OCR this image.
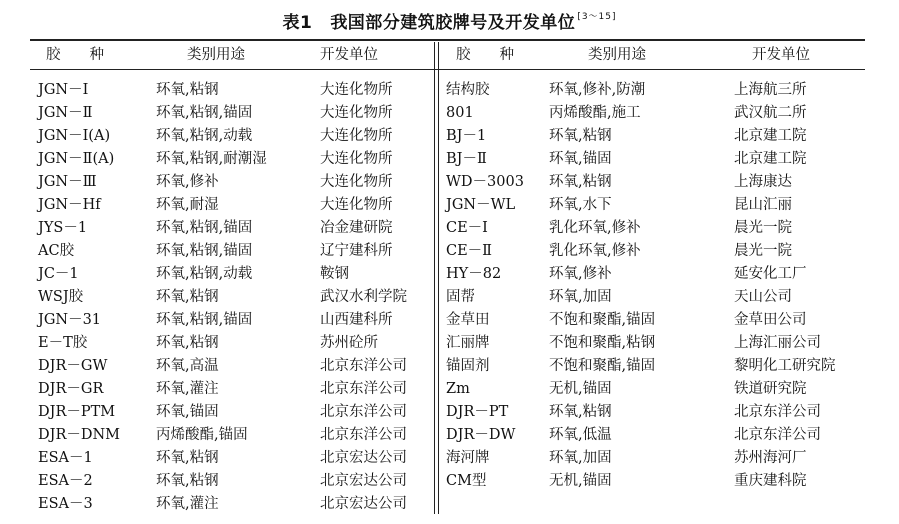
表1 我国部分建筑胶牌号及开发单位 [3～15]
胶　　种	类别用途	开发单位	胶　　种	类别用途	开发单位
JGN－Ⅰ	环氧,粘钢	大连化物所
JGN－Ⅱ	环氧,粘钢,锚固	大连化物所
JGN－Ⅰ(A)	环氧,粘钢,动载	大连化物所
JGN－Ⅱ(A)	环氧,粘钢,耐潮湿	大连化物所
JGN－Ⅲ	环氧,修补	大连化物所
JGN－Hf	环氧,耐湿	大连化物所
JYS－1	环氧,粘钢,锚固	冶金建研院
AC胶	环氧,粘钢,锚固	辽宁建科所
JC－1	环氧,粘钢,动载	鞍钢
WSJ胶	环氧,粘钢	武汉水利学院
JGN－31	环氧,粘钢,锚固	山西建科所
E－T胶	环氧,粘钢	苏州砼所
DJR－GW	环氧,高温	北京东洋公司
DJR－GR	环氧,灌注	北京东洋公司
DJR－PTM	环氧,锚固	北京东洋公司
DJR－DNM 丙烯酸酯,锚固	北京东洋公司
ESA－1	环氧,粘钢	北京宏达公司
ESA－2	环氧,粘钢	北京宏达公司
ESA－3	环氧,灌注	北京宏达公司
结构胶	环氧,修补,防潮	上海航三所
801	丙烯酸酯,施工	武汉航二所
BJ－1	环氧,粘钢	北京建工院
BJ－Ⅱ	环氧,锚固	北京建工院
WD－3003 环氧,粘钢	上海康达
JGN－WL 环氧,水下	昆山汇丽
CE－Ⅰ	乳化环氧,修补	晨光一院
CE－Ⅱ	乳化环氧,修补	晨光一院
HY－82	环氧,修补	延安化工厂
固帮	环氧,加固	天山公司
金草田	不饱和聚酯,锚固	金草田公司
汇丽牌	不饱和聚酯,粘钢	上海汇丽公司
锚固剂	不饱和聚酯,锚固	黎明化工研究院
Zm	无机,锚固	铁道研究院
DJR－PT	环氧,粘钢	北京东洋公司
DJR－DW 环氧,低温	北京东洋公司
海河牌	环氧,加固	苏州海河厂
CM型	无机,锚固	重庆建科院
